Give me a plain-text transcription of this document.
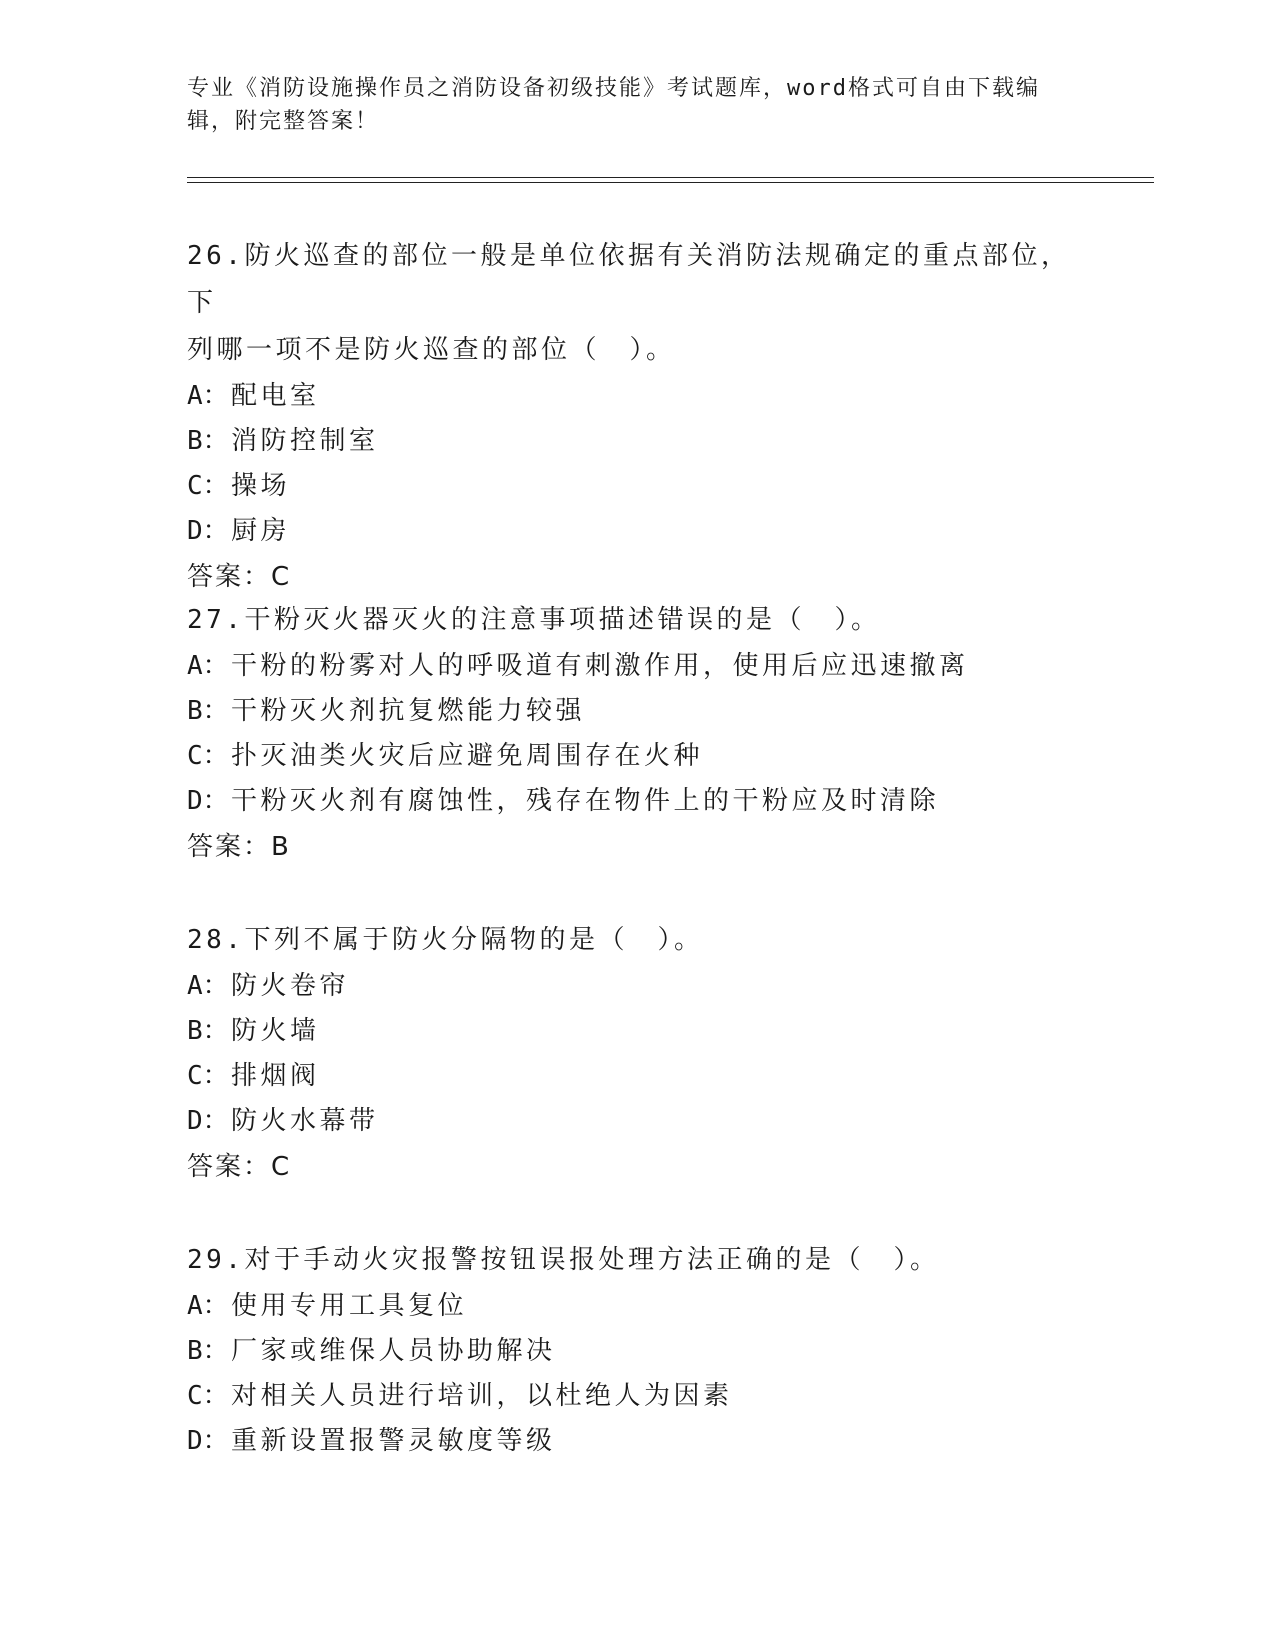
专业《消防设施操作员之消防设备初级技能》考试题库，word格式可自由下载编
辑，附完整答案！

26.防火巡查的部位一般是单位依据有关消防法规确定的重点部位，下

列哪一项不是防火巡查的部位（　）。

A：配电室

B：消防控制室

C：操场

D：厨房

答案：C

27.干粉灭火器灭火的注意事项描述错误的是（　）。

A：干粉的粉雾对人的呼吸道有刺激作用，使用后应迅速撤离

B：干粉灭火剂抗复燃能力较强

C：扑灭油类火灾后应避免周围存在火种

D：干粉灭火剂有腐蚀性，残存在物件上的干粉应及时清除

答案：B

28.下列不属于防火分隔物的是（　）。

A：防火卷帘

B：防火墙

C：排烟阀

D：防火水幕带

答案：C

29.对于手动火灾报警按钮误报处理方法正确的是（　）。

A：使用专用工具复位

B：厂家或维保人员协助解决

C：对相关人员进行培训，以杜绝人为因素

D：重新设置报警灵敏度等级
